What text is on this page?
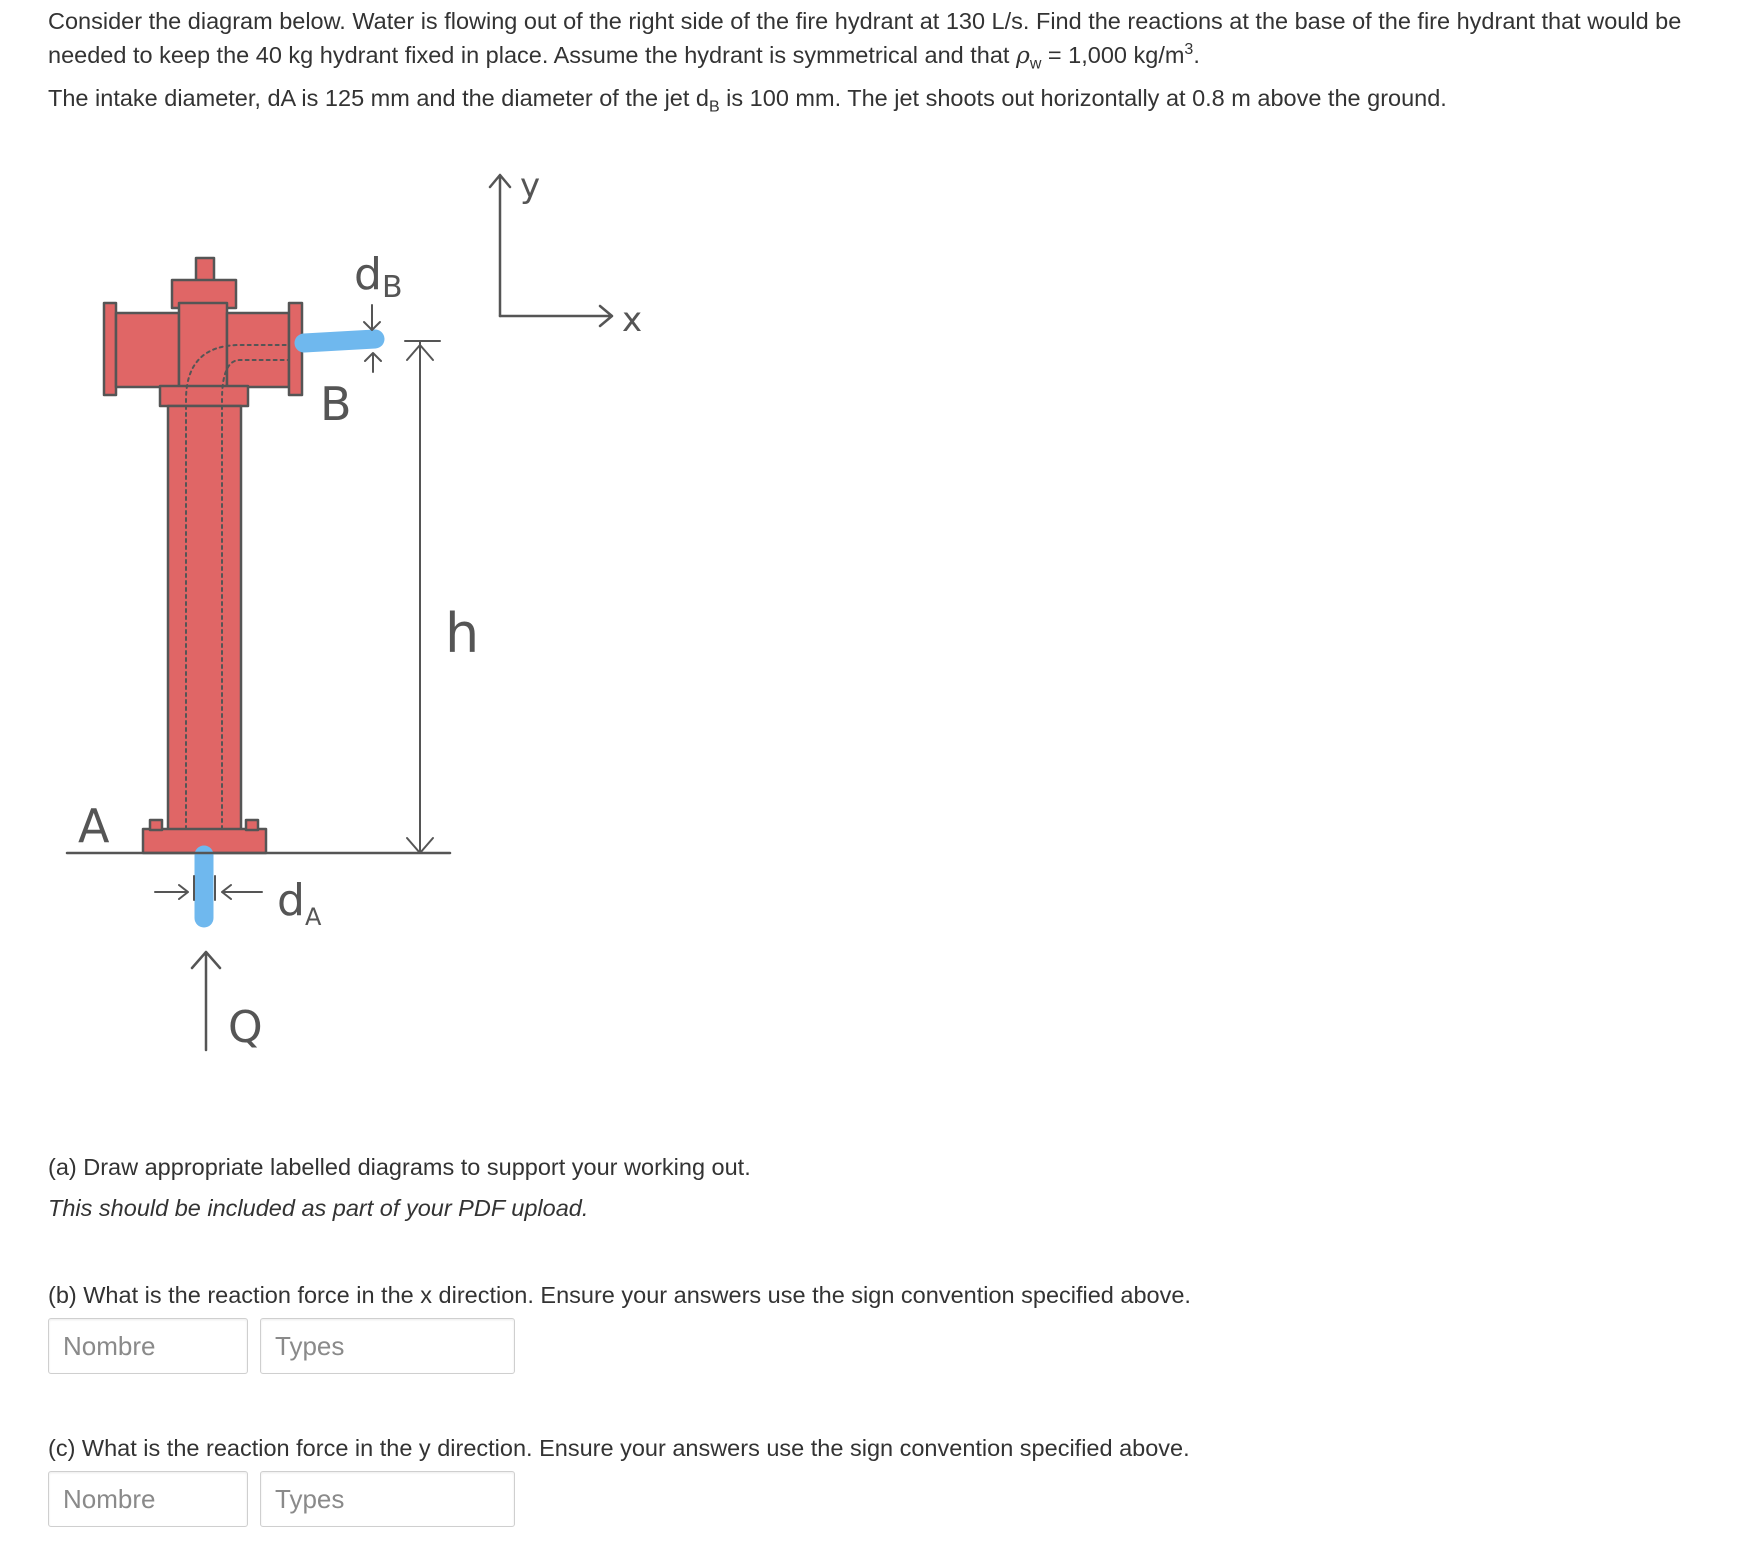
Consider the diagram below. Water is flowing out of the right side of the fire hydrant at 130 L/s. Find the reactions at the base of the fire hydrant that would be needed to keep the 40 kg hydrant fixed in place. Assume the hydrant is symmetrical and that $\rho_w = 1,000$ $kg/m^3$.

The intake diameter, dA is 125 mm and the diameter of the jet $d_B$ is 100 mm. The jet shoots out horizontally at 0.8 m above the ground.

y
x
h
dB
B
$d_A$
A
Q
(a) Draw appropriate labelled diagrams to support your working out.
This should be included as part of your PDF upload.
(b) What is the reaction force in the x direction. Ensure your answers use the sign convention specified above.
Nombre
Types
(c) What is the reaction force in the y direction. Ensure your answers use the sign convention specified above.
Nombre
Types
